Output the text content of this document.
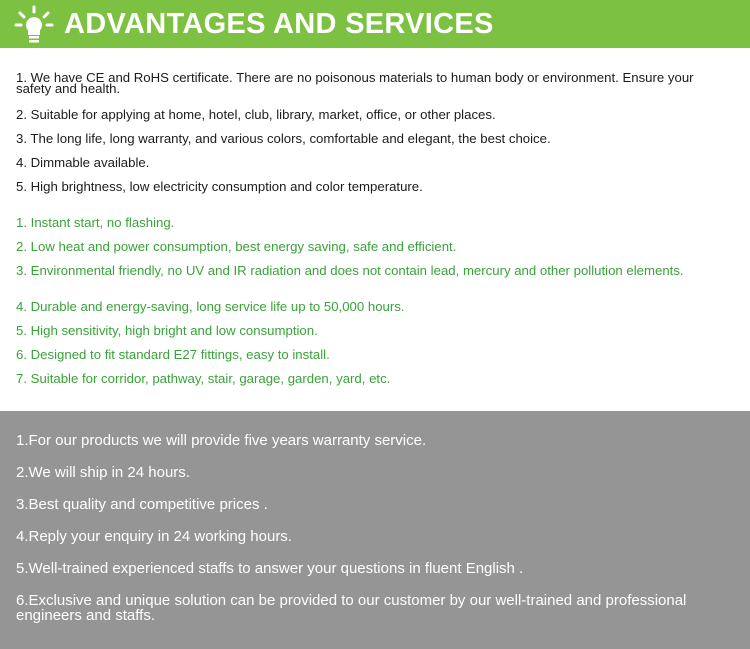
ADVANTAGES AND SERVICES
1. We have CE and RoHS certificate. There are no poisonous materials to human body or environment. Ensure your safety and health.
2. Suitable for applying at home, hotel, club, library, market, office, or other places.
3. The long life, long warranty, and various colors, comfortable and elegant, the best choice.
4. Dimmable available.
5. High brightness, low electricity consumption and color temperature.
1. Instant start, no flashing.
2. Low heat and power consumption, best energy saving, safe and efficient.
3. Environmental friendly, no UV and IR radiation and does not contain lead, mercury and other pollution elements.
4. Durable and energy-saving, long service life up to 50,000 hours.
5. High sensitivity, high bright and low consumption.
6. Designed to fit standard E27 fittings, easy to install.
7. Suitable for corridor, pathway, stair, garage, garden, yard, etc.
1.For our products we will provide five years warranty service.
2.We will ship in 24 hours.
3.Best quality and competitive prices .
4.Reply your enquiry in 24 working hours.
5.Well-trained experienced staffs to answer your questions in fluent English .
6.Exclusive and unique solution can be provided to our customer by our well-trained and professional engineers and staffs.
